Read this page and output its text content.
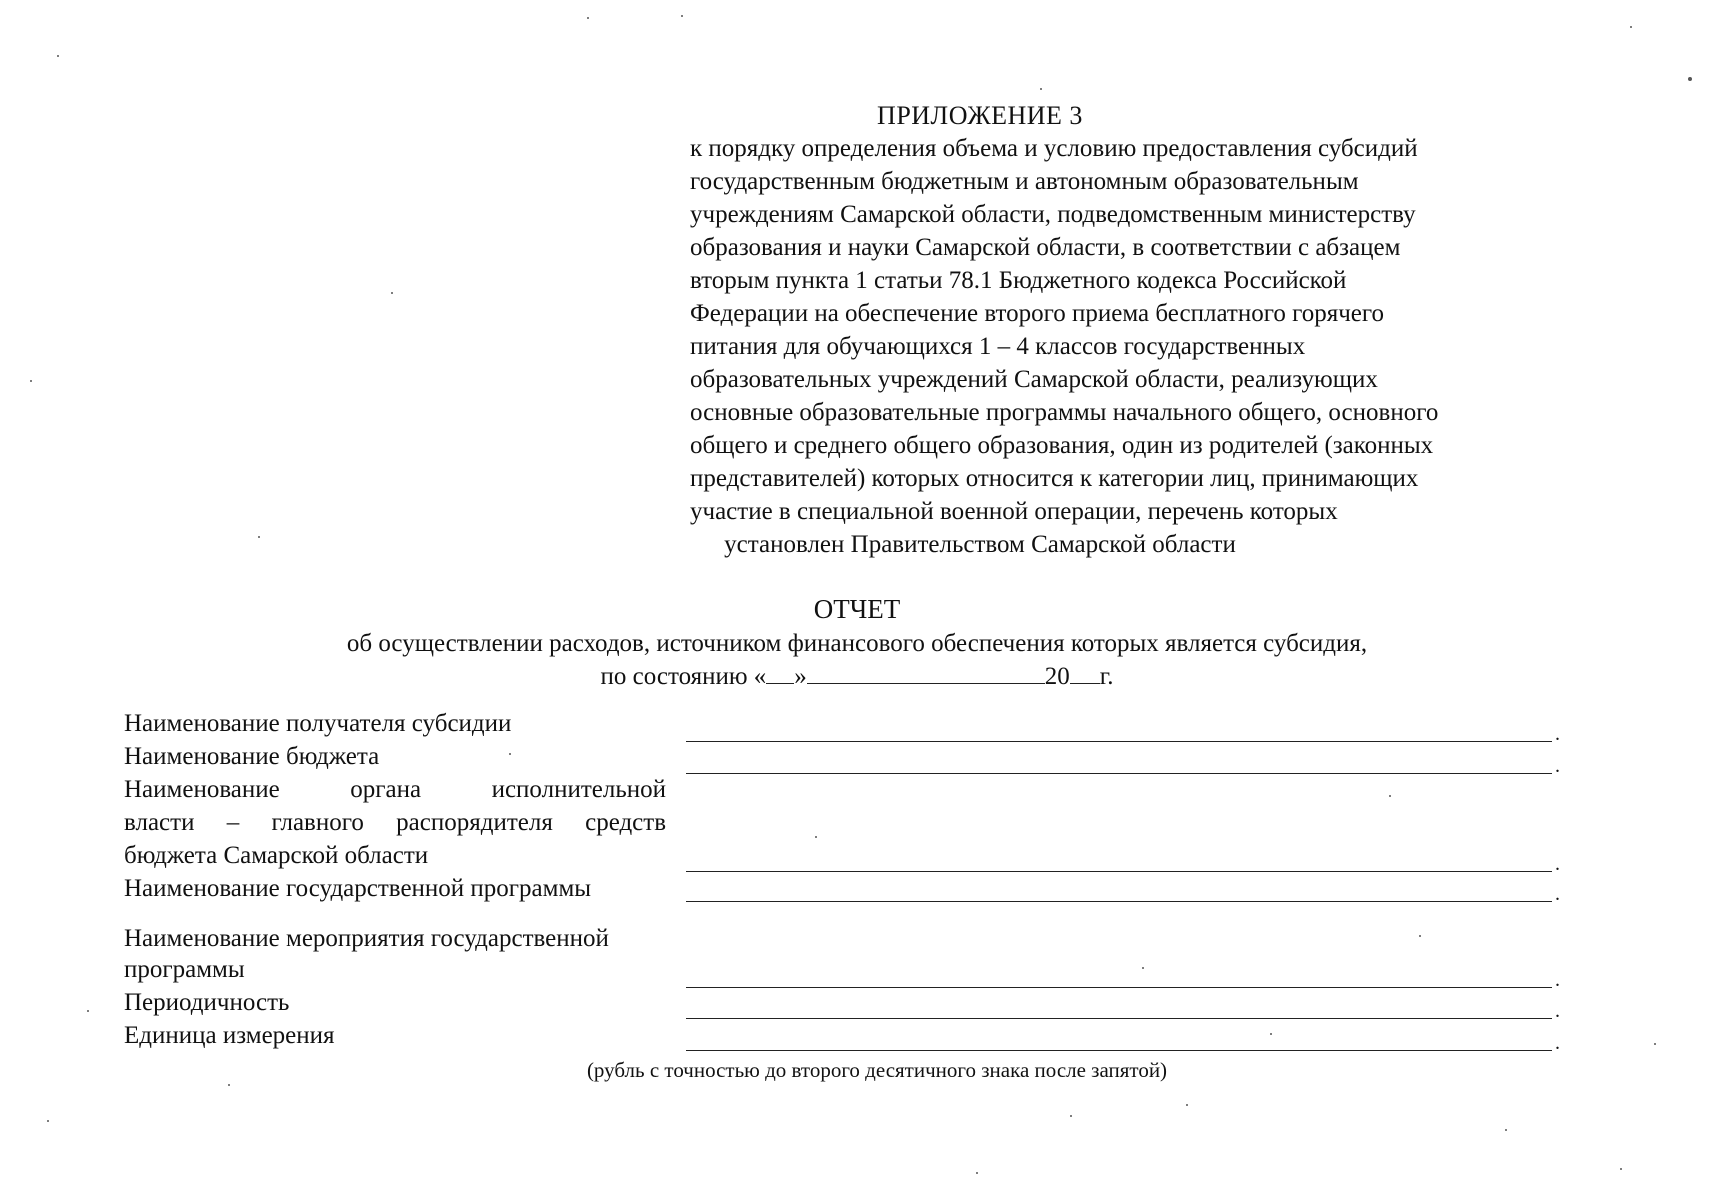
ПРИЛОЖЕНИЕ 3
к порядку определения объема и условию предоставления субсидий
государственным бюджетным и автономным образовательным
учреждениям Самарской области, подведомственным министерству
образования и науки Самарской области, в соответствии с абзацем
вторым пункта 1 статьи 78.1 Бюджетного кодекса Российской
Федерации на обеспечение второго приема бесплатного горячего
питания для обучающихся 1 – 4 классов государственных
образовательных учреждений Самарской области, реализующих
основные образовательные программы начального общего, основного
общего и среднего общего образования, один из родителей (законных
представителей) которых относится к категории лиц, принимающих
участие в специальной военной операции, перечень которых
установлен Правительством Самарской области
ОТЧЕТ
об осуществлении расходов, источником финансового обеспечения которых является субсидия,
по состоянию « »	20 г.
Наименование получателя субсидии
Наименование бюджета
Наименование органа исполнительной
власти – главного распорядителя средств
бюджета Самарской области
Наименование государственной программы
Наименование мероприятия государственной
программы
Периодичность
Единица измерения
.
.
.
.
.
.
.
(рубль с точностью до второго десятичного знака после запятой)
